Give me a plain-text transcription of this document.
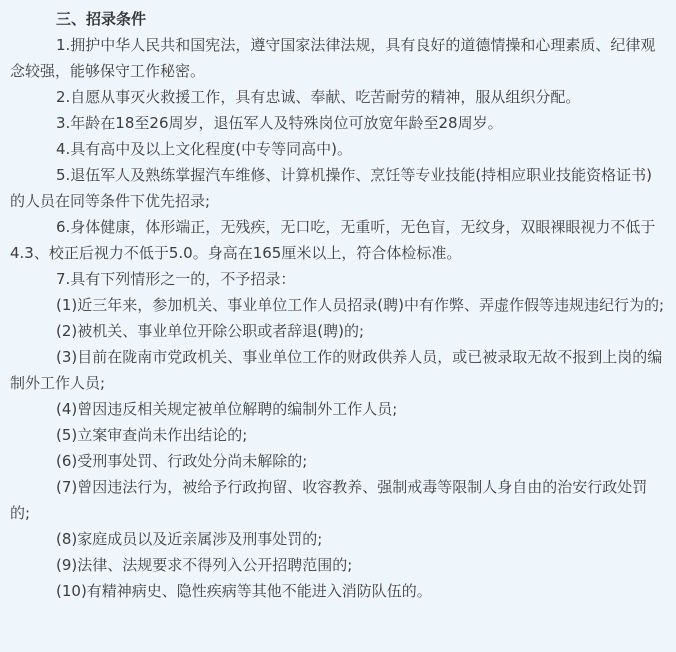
三、招录条件

1.拥护中华人民共和国宪法，遵守国家法律法规，具有良好的道德情操和心理素质、纪律观念较强，能够保守工作秘密。

2.自愿从事灭火救援工作，具有忠诚、奉献、吃苦耐劳的精神，服从组织分配。

3.年龄在18至26周岁，退伍军人及特殊岗位可放宽年龄至28周岁。

4.具有高中及以上文化程度(中专等同高中)。

5.退伍军人及熟练掌握汽车维修、计算机操作、烹饪等专业技能(持相应职业技能资格证书)的人员在同等条件下优先招录;

6.身体健康，体形端正，无残疾，无口吃，无重听，无色盲，无纹身，双眼裸眼视力不低于4.3、校正后视力不低于5.0。身高在165厘米以上，符合体检标准。

7.具有下列情形之一的，不予招录：

(1)近三年来，参加机关、事业单位工作人员招录(聘)中有作弊、弄虚作假等违规违纪行为的;

(2)被机关、事业单位开除公职或者辞退(聘)的;

(3)目前在陇南市党政机关、事业单位工作的财政供养人员，或已被录取无故不报到上岗的编制外工作人员;

(4)曾因违反相关规定被单位解聘的编制外工作人员;

(5)立案审查尚未作出结论的;

(6)受刑事处罚、行政处分尚未解除的;

(7)曾因违法行为，被给予行政拘留、收容教养、强制戒毒等限制人身自由的治安行政处罚的;

(8)家庭成员以及近亲属涉及刑事处罚的;

(9)法律、法规要求不得列入公开招聘范围的;

(10)有精神病史、隐性疾病等其他不能进入消防队伍的。
